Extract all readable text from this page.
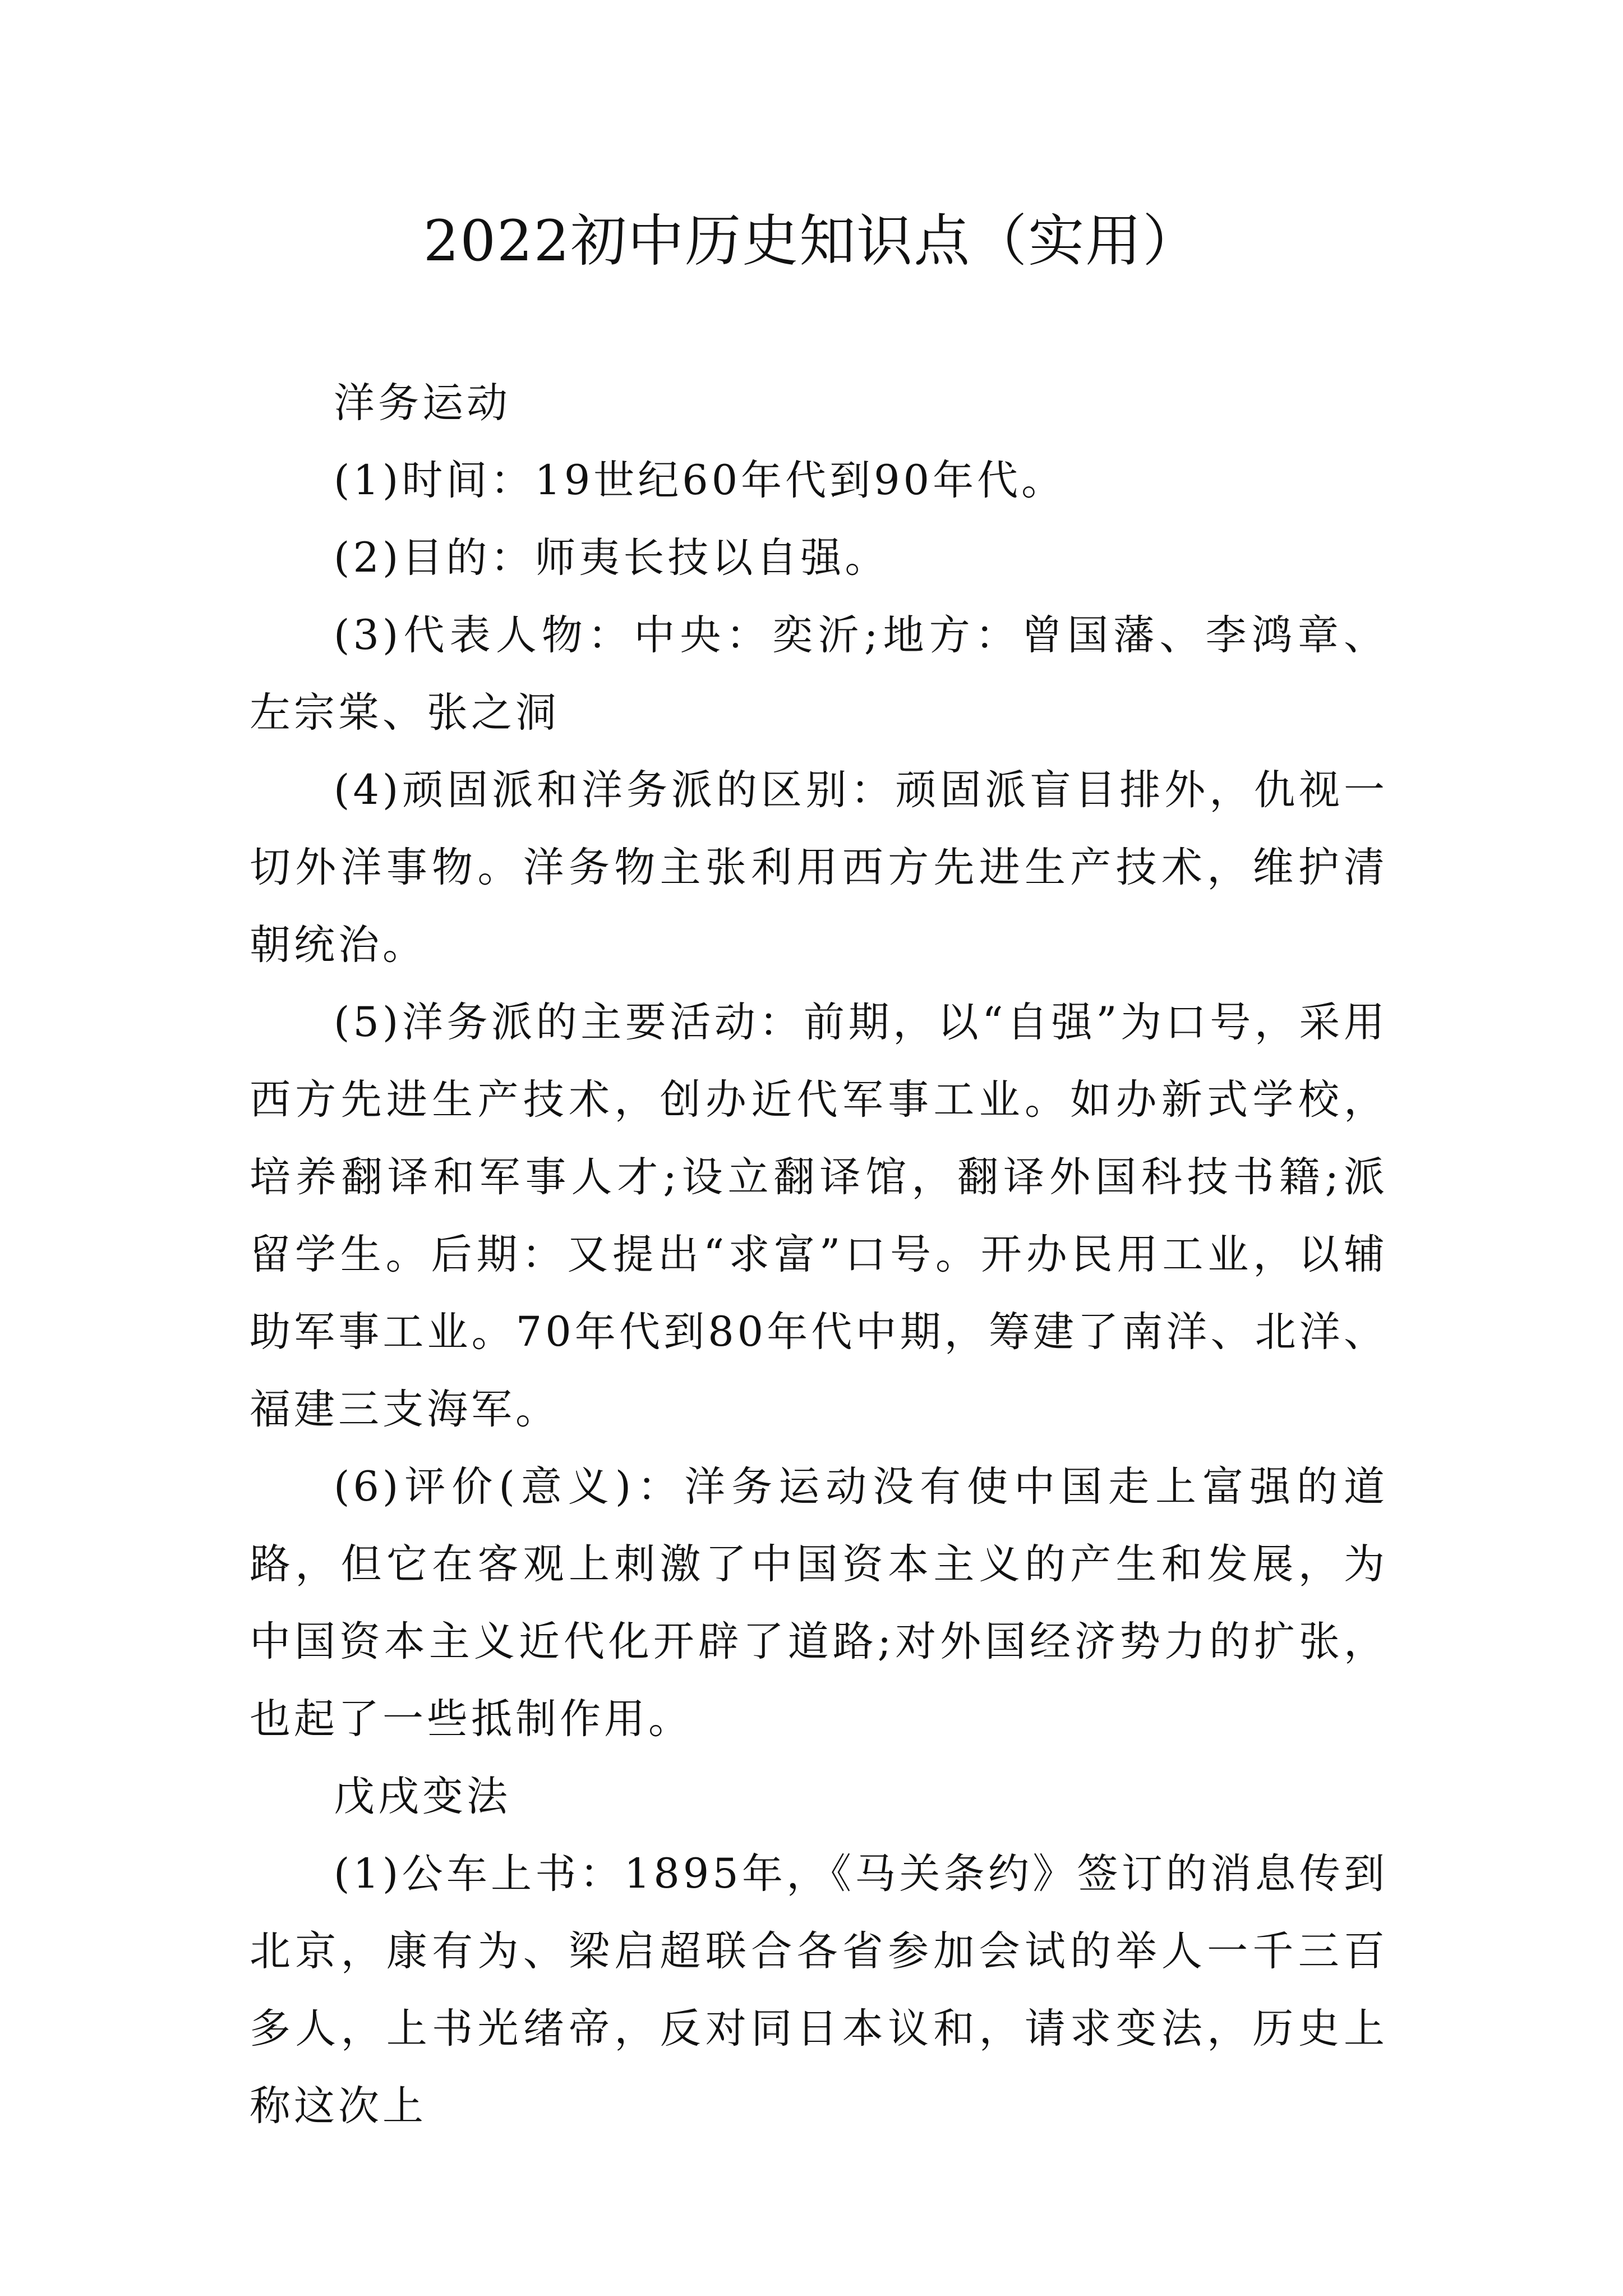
2022初中历史知识点（实用）

洋务运动

(1)时间：19世纪60年代到90年代。

(2)目的：师夷长技以自强。

(3)代表人物：中央：奕沂;地方：曾国藩、李鸿章、左宗棠、张之洞

(4)顽固派和洋务派的区别：顽固派盲目排外，仇视一切外洋事物。洋务物主张利用西方先进生产技术，维护清朝统治。

(5)洋务派的主要活动：前期，以“自强”为口号，采用西方先进生产技术，创办近代军事工业。如办新式学校，培养翻译和军事人才;设立翻译馆，翻译外国科技书籍;派留学生。后期：又提出“求富”口号。开办民用工业，以辅助军事工业。70年代到80年代中期，筹建了南洋、北洋、福建三支海军。

(6)评价(意义)：洋务运动没有使中国走上富强的道路，但它在客观上刺激了中国资本主义的产生和发展，为中国资本主义近代化开辟了道路;对外国经济势力的扩张，也起了一些抵制作用。

戊戌变法

(1)公车上书：1895年，《马关条约》签订的消息传到北京，康有为、梁启超联合各省参加会试的举人一千三百多人，上书光绪帝，反对同日本议和，请求变法，历史上称这次上
